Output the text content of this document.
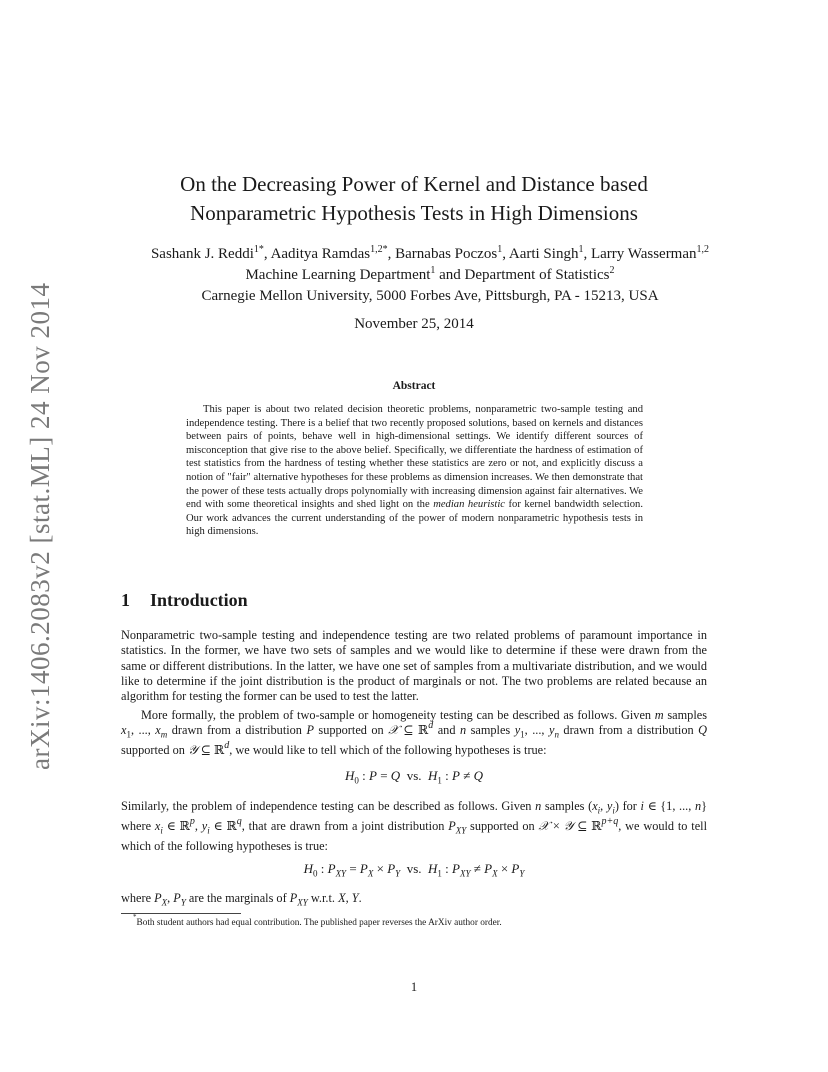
arXiv:1406.2083v2 [stat.ML] 24 Nov 2014
On the Decreasing Power of Kernel and Distance based
Nonparametric Hypothesis Tests in High Dimensions
Sashank J. Reddi$^{1*}$, Aaditya Ramdas$^{1,2*}$, Barnabas Poczos$^1$, Aarti Singh$^1$, Larry Wasserman$^{1,2}$
Machine Learning Department$^1$ and Department of Statistics$^2$
Carnegie Mellon University, 5000 Forbes Ave, Pittsburgh, PA - 15213, USA
November 25, 2014
Abstract

This paper is about two related decision theoretic problems, nonparametric two-sample testing and independence testing. There is a belief that two recently proposed solutions, based on kernels and distances between pairs of points, behave well in high-dimensional settings. We identify different sources of misconception that give rise to the above belief. Specifically, we differentiate the hardness of estimation of test statistics from the hardness of testing whether these statistics are zero or not, and explicitly discuss a notion of "fair" alternative hypotheses for these problems as dimension increases. We then demonstrate that the power of these tests actually drops polynomially with increasing dimension against fair alternatives. We end with some theoretical insights and shed light on the median heuristic for kernel bandwidth selection. Our work advances the current understanding of the power of modern nonparametric hypothesis tests in high dimensions.

1 Introduction

Nonparametric two-sample testing and independence testing are two related problems of paramount importance in statistics. In the former, we have two sets of samples and we would like to determine if these were drawn from the same or different distributions. In the latter, we have one set of samples from a multivariate distribution, and we would like to determine if the joint distribution is the product of marginals or not. The two problems are related because an algorithm for testing the former can be used to test the latter.

More formally, the problem of two-sample or homogeneity testing can be described as follows. Given m samples $x_1$, ..., $x_m$ drawn from a distribution P supported on 𝒳 ⊆ ℝ$^d$ and n samples $y_1$, ..., $y_n$ drawn from a distribution Q supported on 𝒴 ⊆ ℝ$^d$, we would like to tell which of the following hypotheses is true:

$H_0$ : P = Q  vs.  $H_1$ : P ≠ Q

Similarly, the problem of independence testing can be described as follows. Given n samples ($x_i$, $y_i$) for i ∈ {1, ..., n} where $x_i$ ∈ ℝ$^p$, $y_i$ ∈ ℝ$^q$, that are drawn from a joint distribution $P_{XY}$ supported on 𝒳 × 𝒴 ⊆ ℝ$^{p+q}$, we would to tell which of the following hypotheses is true:

$H_0$ : $P_{XY} = P_X \times P_Y$  vs.  $H_1$ : $P_{XY} \ne P_X \times P_Y$

where $P_X$, $P_Y$ are the marginals of $P_{XY}$ w.r.t. X, Y.

*Both student authors had equal contribution. The published paper reverses the ArXiv author order.
1
